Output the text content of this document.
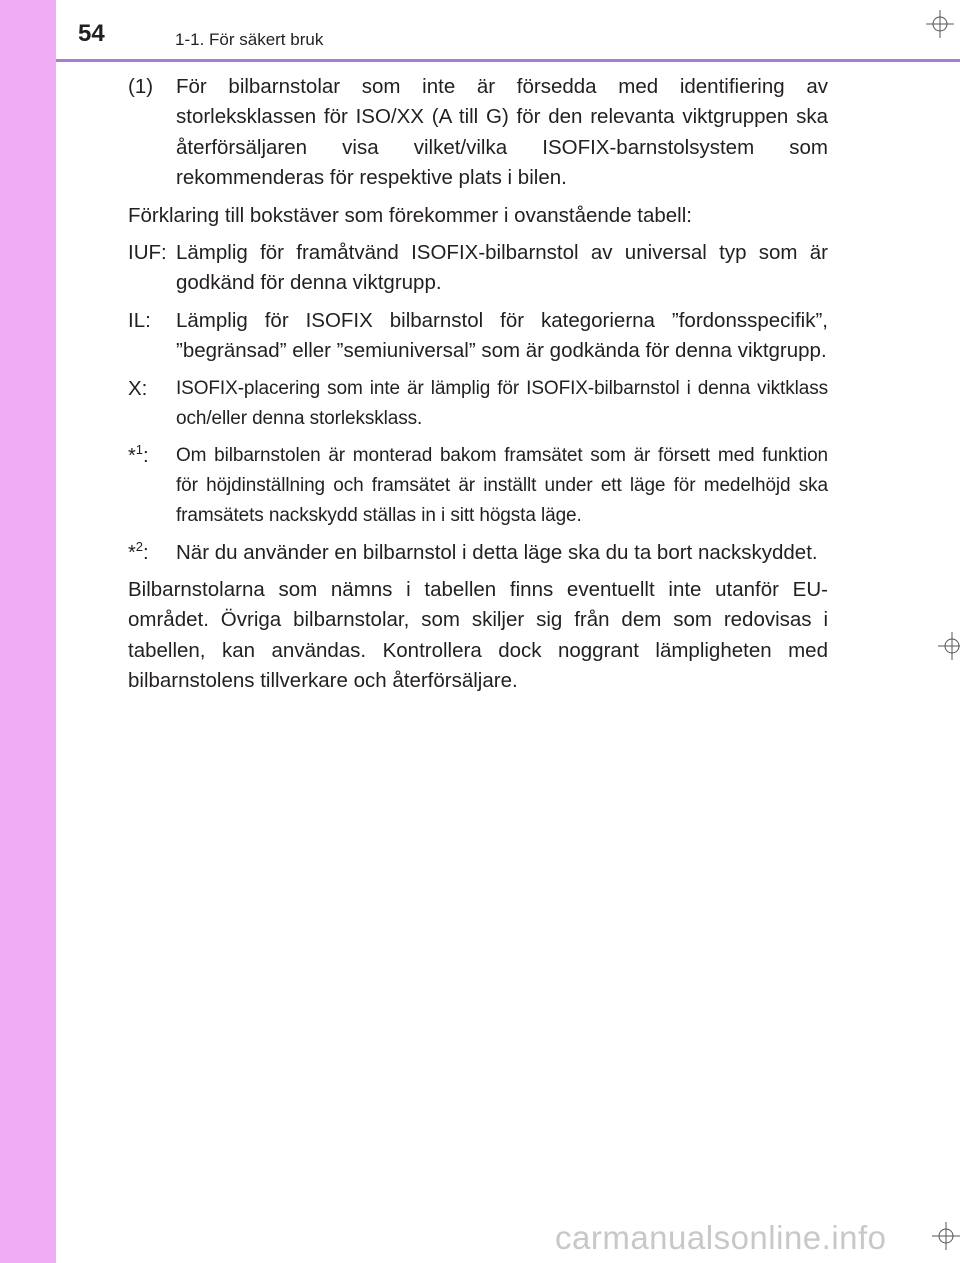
54	1-1. För säkert bruk
(1)	För bilbarnstolar som inte är försedda med identifiering av storleksklassen för ISO/XX (A till G) för den relevanta viktgruppen ska återförsäljaren visa vilket/vilka ISOFIX-barnstolsystem som rekommenderas för respektive plats i bilen.
Förklaring till bokstäver som förekommer i ovanstående tabell:
IUF: Lämplig för framåtvänd ISOFIX-bilbarnstol av universal typ som är godkänd för denna viktgrupp.
IL:	Lämplig för ISOFIX bilbarnstol för kategorierna ”fordonsspecifik”, ”begränsad” eller ”semiuniversal” som är godkända för denna viktgrupp.
X:	ISOFIX-placering som inte är lämplig för ISOFIX-bilbarnstol i denna viktklass och/eller denna storleksklass.
*$^1$:	Om bilbarnstolen är monterad bakom framsätet som är försett med funktion för höjdinställning och framsätet är inställt under ett läge för medelhöjd ska framsätets nackskydd ställas in i sitt högsta läge.
*$^2$:	När du använder en bilbarnstol i detta läge ska du ta bort nackskyddet.
Bilbarnstolarna som nämns i tabellen finns eventuellt inte utanför EU-området. Övriga bilbarnstolar, som skiljer sig från dem som redovisas i tabellen, kan användas. Kontrollera dock noggrant lämpligheten med bilbarnstolens tillverkare och återförsäljare.
carmanualsonline.info
